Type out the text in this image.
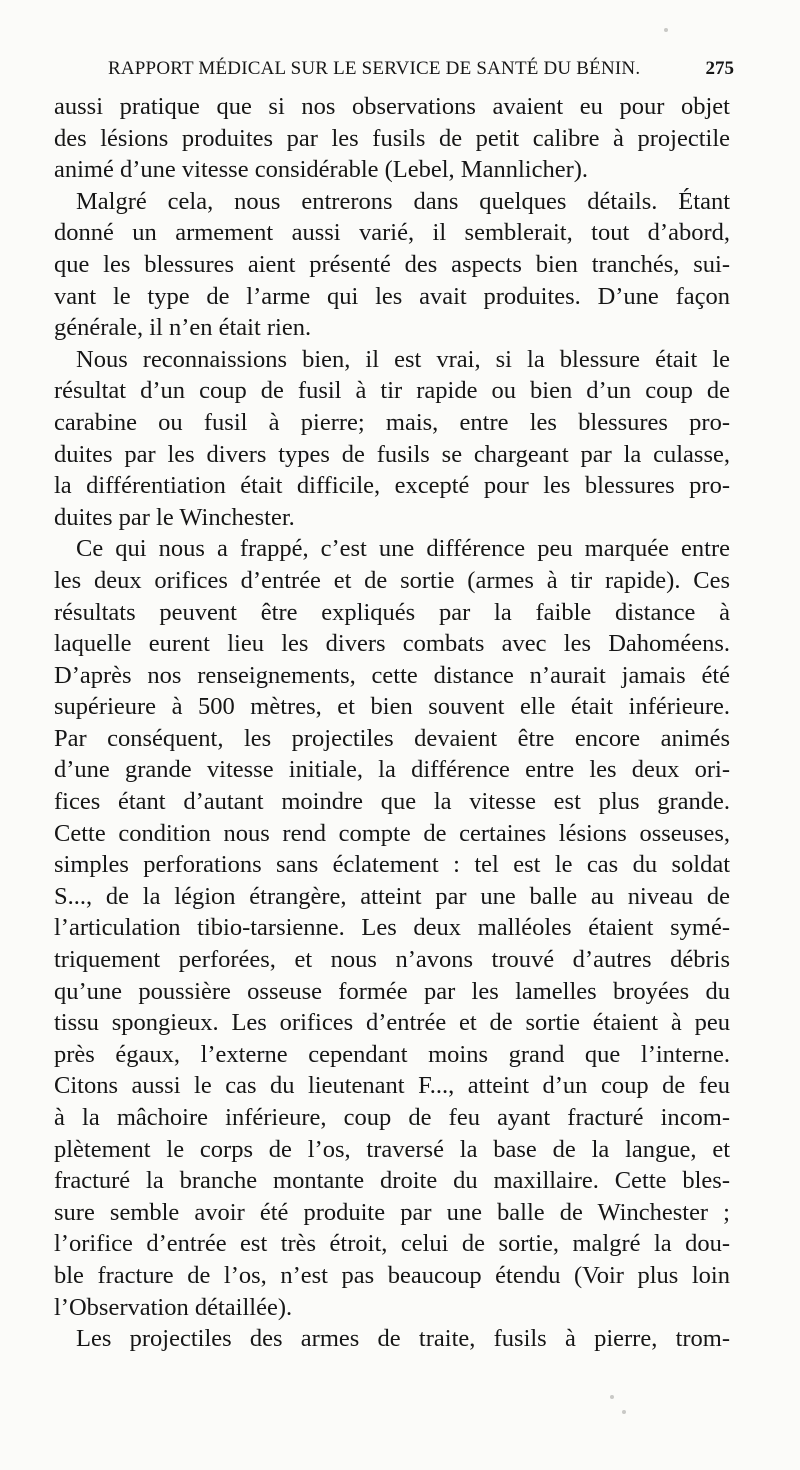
RAPPORT MÉDICAL SUR LE SERVICE DE SANTÉ DU BÉNIN.	275
aussi pratique que si nos observations avaient eu pour objet
des lésions produites par les fusils de petit calibre à projectile
animé d’une vitesse considérable (Lebel, Mannlicher).
Malgré cela, nous entrerons dans quelques détails. Étant
donné un armement aussi varié, il semblerait, tout d’abord,
que les blessures aient présenté des aspects bien tranchés, sui-
vant le type de l’arme qui les avait produites. D’une façon
générale, il n’en était rien.
Nous reconnaissions bien, il est vrai, si la blessure était le
résultat d’un coup de fusil à tir rapide ou bien d’un coup de
carabine ou fusil à pierre; mais, entre les blessures pro-
duites par les divers types de fusils se chargeant par la culasse,
la différentiation était difficile, excepté pour les blessures pro-
duites par le Winchester.
Ce qui nous a frappé, c’est une différence peu marquée entre
les deux orifices d’entrée et de sortie (armes à tir rapide). Ces
résultats peuvent être expliqués par la faible distance à
laquelle eurent lieu les divers combats avec les Dahoméens.
D’après nos renseignements, cette distance n’aurait jamais été
supérieure à 500 mètres, et bien souvent elle était inférieure.
Par conséquent, les projectiles devaient être encore animés
d’une grande vitesse initiale, la différence entre les deux ori-
fices étant d’autant moindre que la vitesse est plus grande.
Cette condition nous rend compte de certaines lésions osseuses,
simples perforations sans éclatement : tel est le cas du soldat
S..., de la légion étrangère, atteint par une balle au niveau de
l’articulation tibio-tarsienne. Les deux malléoles étaient symé-
triquement perforées, et nous n’avons trouvé d’autres débris
qu’une poussière osseuse formée par les lamelles broyées du
tissu spongieux. Les orifices d’entrée et de sortie étaient à peu
près égaux, l’externe cependant moins grand que l’interne.
Citons aussi le cas du lieutenant F..., atteint d’un coup de feu
à la mâchoire inférieure, coup de feu ayant fracturé incom-
plètement le corps de l’os, traversé la base de la langue, et
fracturé la branche montante droite du maxillaire. Cette bles-
sure semble avoir été produite par une balle de Winchester ;
l’orifice d’entrée est très étroit, celui de sortie, malgré la dou-
ble fracture de l’os, n’est pas beaucoup étendu (Voir plus loin
l’Observation détaillée).
Les projectiles des armes de traite, fusils à pierre, trom-
